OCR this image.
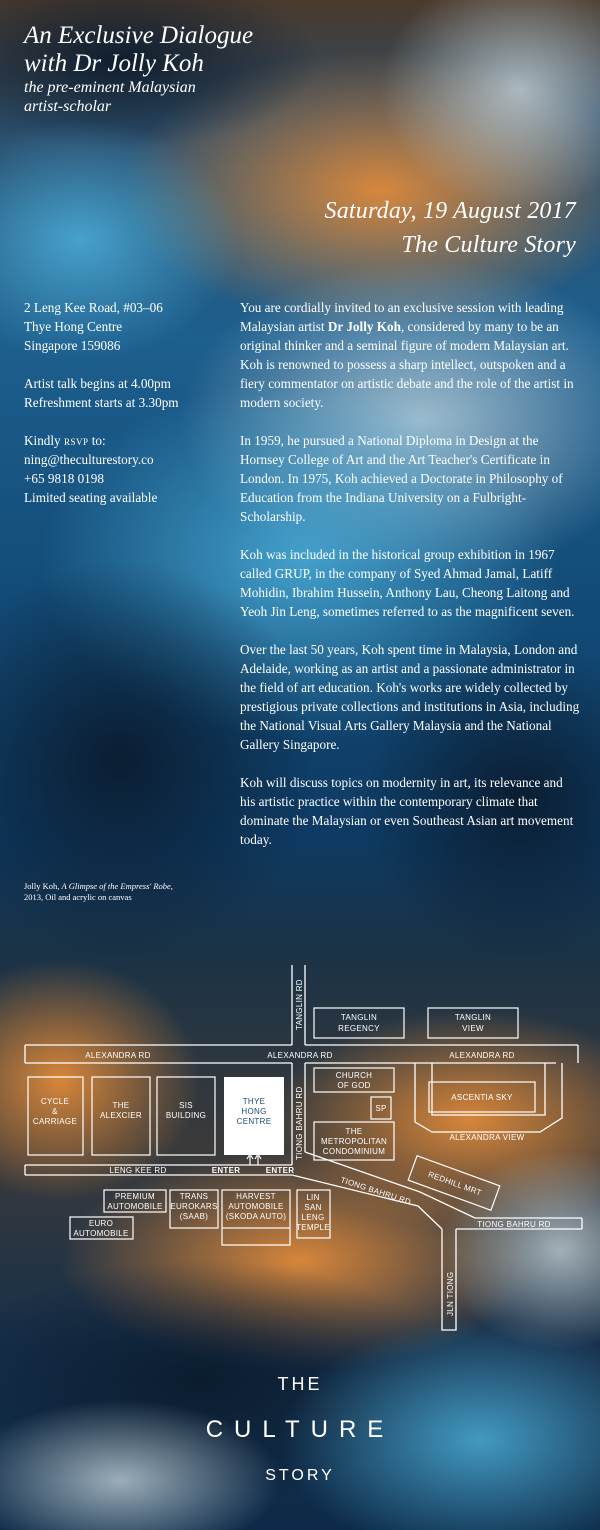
An Exclusive Dialogue
with Dr Jolly Koh
the pre-eminent Malaysian
artist-scholar
Saturday, 19 August 2017
The Culture Story

2 Leng Kee Road, #03–06
Thye Hong Centre
Singapore 159086

Artist talk begins at 4.00pm
Refreshment starts at 3.30pm

Kindly rsvp to:
ning@theculturestory.co
+65 9818 0198
Limited seating available

You are cordially invited to an exclusive session with leading Malaysian artist Dr Jolly Koh, considered by many to be an original thinker and a seminal figure of modern Malaysian art. Koh is renowned to possess a sharp intellect, outspoken and a fiery commentator on artistic debate and the role of the artist in modern society.

In 1959, he pursued a National Diploma in Design at the Hornsey College of Art and the Art Teacher's Certificate in London. In 1975, Koh achieved a Doctorate in Philosophy of Education from the Indiana University on a Fulbright-Scholarship.

Koh was included in the historical group exhibition in 1967 called GRUP, in the company of Syed Ahmad Jamal, Latiff Mohidin, Ibrahim Hussein, Anthony Lau, Cheong Laitong and Yeoh Jin Leng, sometimes referred to as the magnificent seven.

Over the last 50 years, Koh spent time in Malaysia, London and Adelaide, working as an artist and a passionate administrator in the field of art education. Koh's works are widely collected by prestigious private collections and institutions in Asia, including the National Visual Arts Gallery Malaysia and the National Gallery Singapore.

Koh will discuss topics on modernity in art, its relevance and his artistic practice within the contemporary climate that dominate the Malaysian or even Southeast Asian art movement today.

Jolly Koh, A Glimpse of the Empress' Robe,
2013, Oil and acrylic on canvas
TANGLIN RD	TANGLIN
REGENCY
TANGLIN
VIEW
ALEXANDRA RD	ALEXANDRA RD	ALEXANDRA RD
CHURCH
OF GOD
SP
ASCENTIA SKY
ALEXANDRA VIEW
CYCLE
&
CARRIAGE
THE
ALEXCIER
SIS
BUILDING
THYE
HONG
CENTRE	TIONG BAHRU RD	THE
METROPOLITAN
CONDOMINIUM
LENG KEE RD	ENTER	ENTER
TIONG BAHRU RD
TIONG BAHRU RD
REDHILL MRT
PREMIUM
AUTOMOBILE
EURO
AUTOMOBILE
TRANS
EUROKARS
(SAAB)
HARVEST
AUTOMOBILE
(SKODA AUTO)
LIN
SAN
LENG
TEMPLE
JLN TIONG
THE
CULTURE
STORY
